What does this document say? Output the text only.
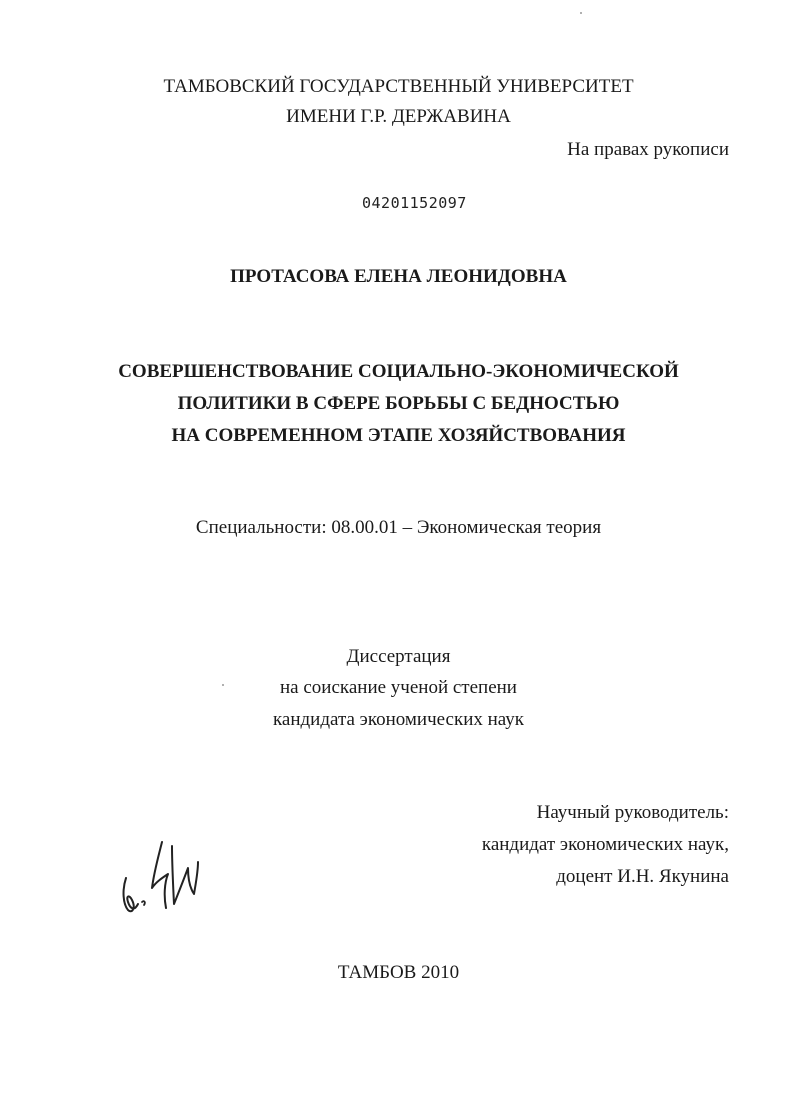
ТАМБОВСКИЙ ГОСУДАРСТВЕННЫЙ УНИВЕРСИТЕТ
ИМЕНИ Г.Р. ДЕРЖАВИНА
На правах рукописи
04201152097
ПРОТАСОВА ЕЛЕНА ЛЕОНИДОВНА
СОВЕРШЕНСТВОВАНИЕ СОЦИАЛЬНО-ЭКОНОМИЧЕСКОЙ
ПОЛИТИКИ В СФЕРЕ БОРЬБЫ С БЕДНОСТЬЮ
НА СОВРЕМЕННОМ ЭТАПЕ ХОЗЯЙСТВОВАНИЯ
Специальности: 08.00.01 – Экономическая теория
Диссертация
на соискание ученой степени
кандидата экономических наук
Научный руководитель:
кандидат экономических наук,
доцент И.Н. Якунина
ТАМБОВ 2010
